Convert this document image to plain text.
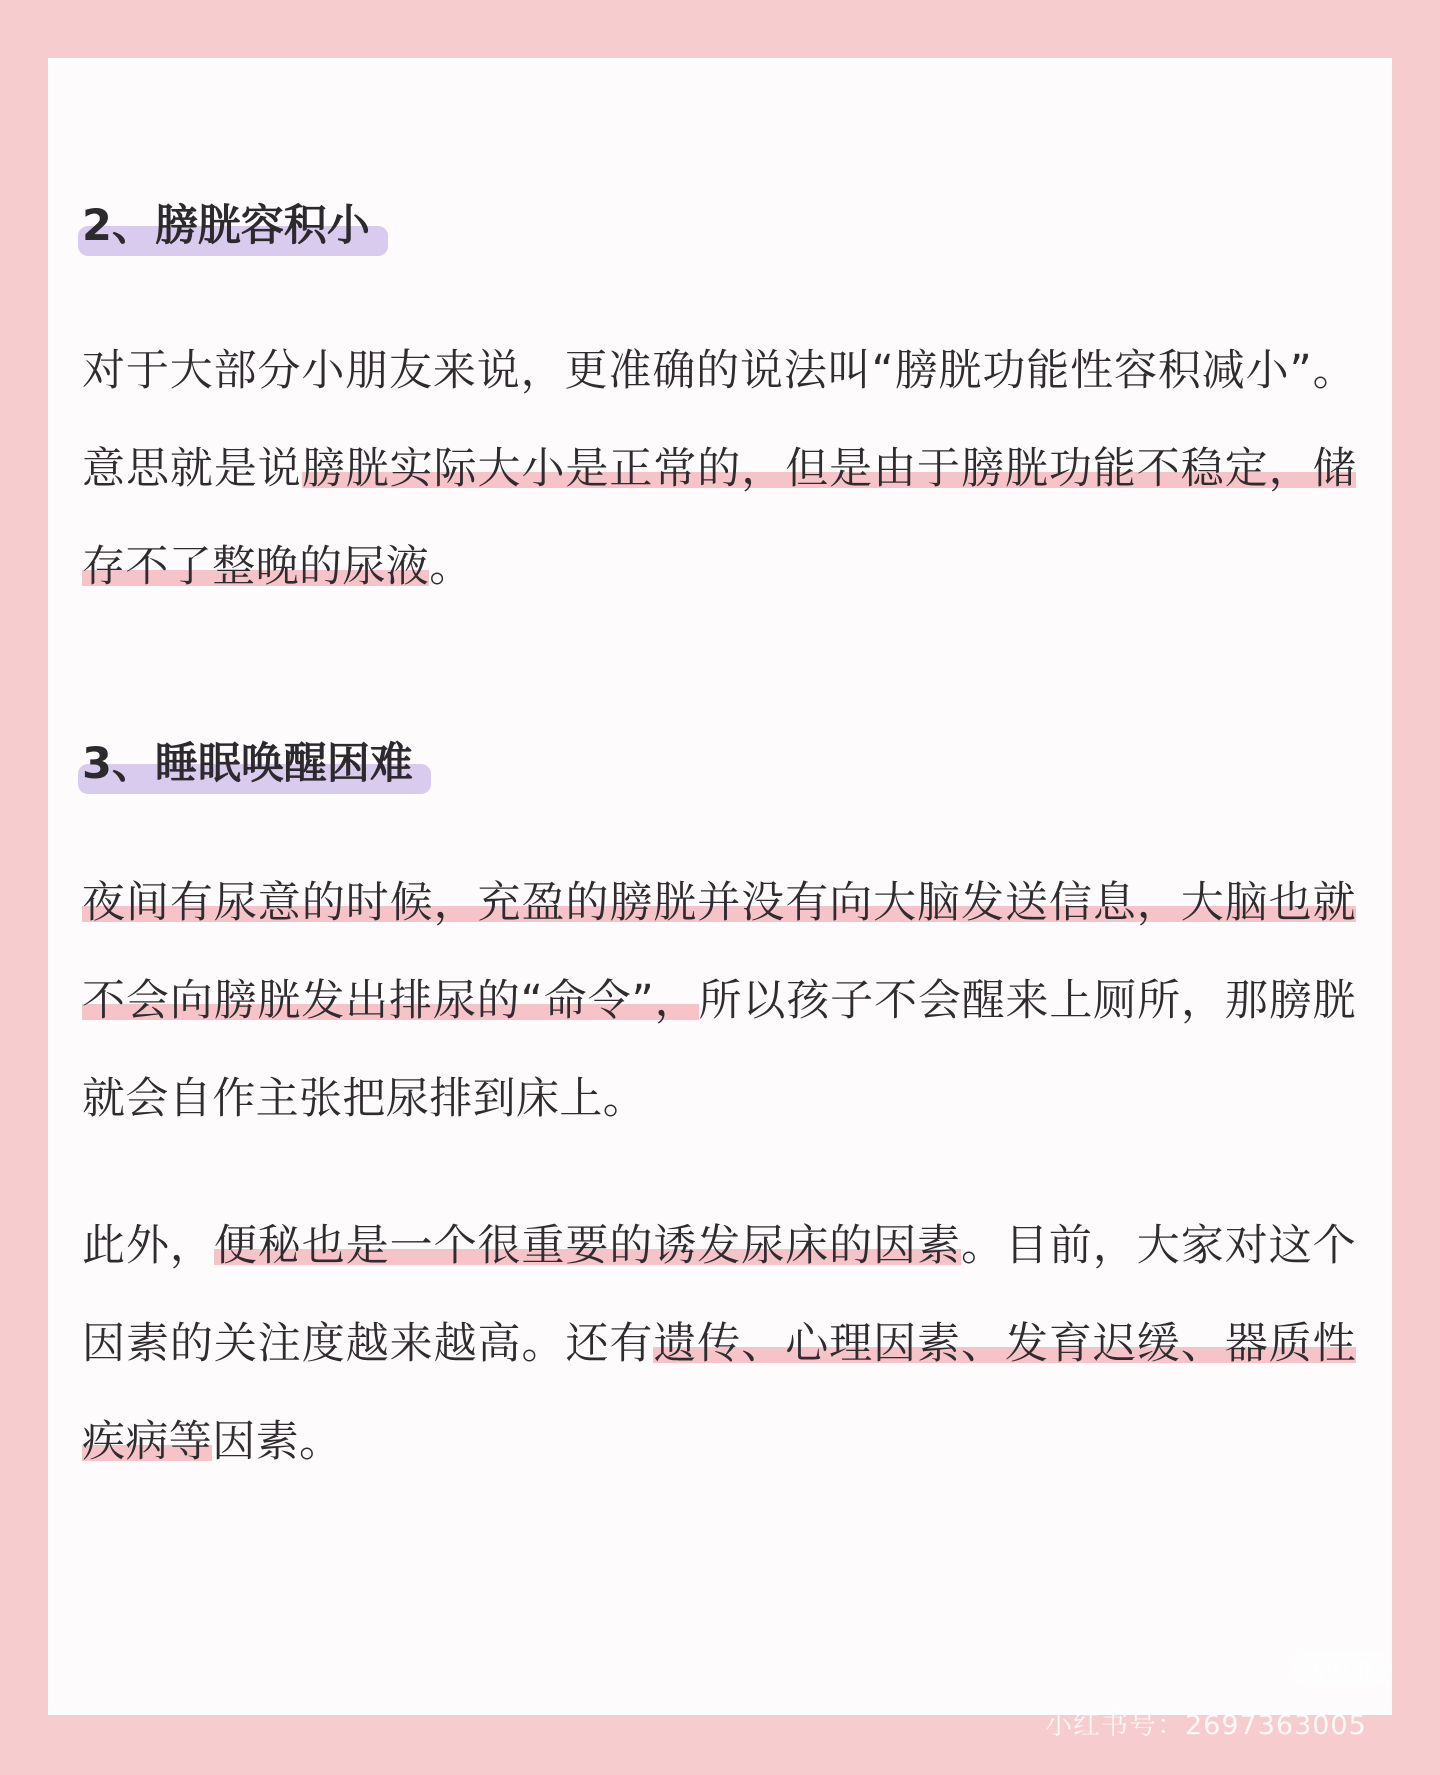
2、膀胱容积小

对于大部分小朋友来说，更准确的说法叫“膀胱功能性容积减小”。意思就是说膀胱实际大小是正常的，但是由于膀胱功能不稳定，储存不了整晚的尿液。

3、睡眠唤醒困难

夜间有尿意的时候，充盈的膀胱并没有向大脑发送信息，大脑也就不会向膀胱发出排尿的“命令”，所以孩子不会醒来上厕所，那膀胱就会自作主张把尿排到床上。

此外，便秘也是一个很重要的诱发尿床的因素。目前，大家对这个因素的关注度越来越高。还有遗传、心理因素、发育迟缓、器质性疾病等因素。

小红书
小红书号：2697363005
